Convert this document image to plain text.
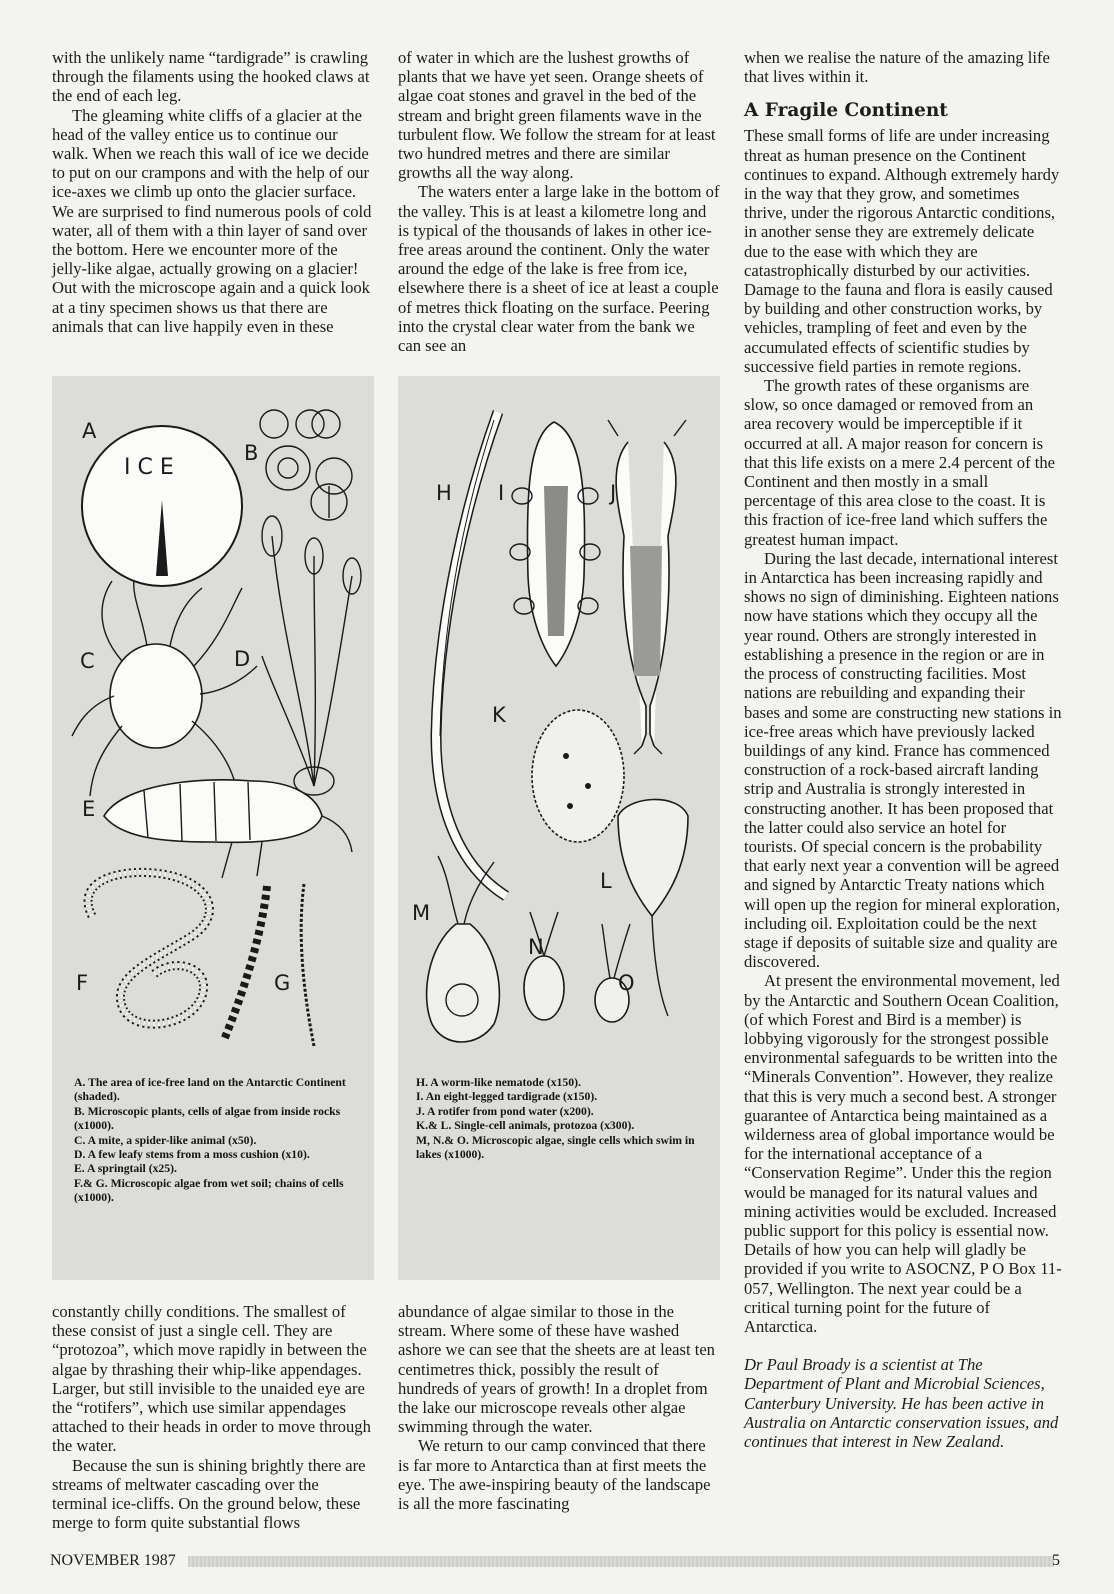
with the unlikely name “tardigrade” is crawling through the filaments using the hooked claws at the end of each leg.

The gleaming white cliffs of a glacier at the head of the valley entice us to continue our walk. When we reach this wall of ice we decide to put on our crampons and with the help of our ice-axes we climb up onto the glacier surface. We are surprised to find numerous pools of cold water, all of them with a thin layer of sand over the bottom. Here we encounter more of the jelly-like algae, actually growing on a glacier! Out with the microscope again and a quick look at a tiny specimen shows us that there are animals that can live happily even in these

of water in which are the lushest growths of plants that we have yet seen. Orange sheets of algae coat stones and gravel in the bed of the stream and bright green filaments wave in the turbulent flow. We follow the stream for at least two hundred metres and there are similar growths all the way along.

The waters enter a large lake in the bottom of the valley. This is at least a kilometre long and is typical of the thousands of lakes in other ice-free areas around the continent. Only the water around the edge of the lake is free from ice, elsewhere there is a sheet of ice at least a couple of metres thick floating on the surface. Peering into the crystal clear water from the bank we can see an

when we realise the nature of the amazing life that lives within it.

A Fragile Continent

These small forms of life are under increasing threat as human presence on the Continent continues to expand. Although extremely hardy in the way that they grow, and sometimes thrive, under the rigorous Antarctic conditions, in another sense they are extremely delicate due to the ease with which they are catastrophically disturbed by our activities. Damage to the fauna and flora is easily caused by building and other construction works, by vehicles, trampling of feet and even by the accumulated effects of scientific studies by successive field parties in remote regions.

The growth rates of these organisms are slow, so once damaged or removed from an area recovery would be imperceptible if it occurred at all. A major reason for concern is that this life exists on a mere 2.4 percent of the Continent and then mostly in a small percentage of this area close to the coast. It is this fraction of ice-free land which suffers the greatest human impact.

During the last decade, international interest in Antarctica has been increasing rapidly and shows no sign of diminishing. Eighteen nations now have stations which they occupy all the year round. Others are strongly interested in establishing a presence in the region or are in the process of constructing facilities. Most nations are rebuilding and expanding their bases and some are constructing new stations in ice-free areas which have previously lacked buildings of any kind. France has commenced construction of a rock-based aircraft landing strip and Australia is strongly interested in constructing another. It has been proposed that the latter could also service an hotel for tourists. Of special concern is the probability that early next year a convention will be agreed and signed by Antarctic Treaty nations which will open up the region for mineral exploration, including oil. Exploitation could be the next stage if deposits of suitable size and quality are discovered.

At present the environmental movement, led by the Antarctic and Southern Ocean Coalition, (of which Forest and Bird is a member) is lobbying vigorously for the strongest possible environmental safeguards to be written into the “Minerals Convention”. However, they realize that this is very much a second best. A stronger guarantee of Antarctica being maintained as a wilderness area of global importance would be for the international acceptance of a “Conservation Regime”. Under this the region would be managed for its natural values and mining activities would be excluded. Increased public support for this policy is essential now. Details of how you can help will gladly be provided if you write to ASOCNZ, P O Box 11-057, Wellington. The next year could be a critical turning point for the future of Antarctica.

Dr Paul Broady is a scientist at The Department of Plant and Microbial Sciences, Canterbury University. He has been active in Australia on Antarctic conservation issues, and continues that interest in New Zealand.

A
I C E
B
C	D
E
F	G
A. The area of ice-free land on the Antarctic Continent (shaded).
B. Microscopic plants, cells of algae from inside rocks (x1000).
C. A mite, a spider-like animal (x50).
D. A few leafy stems from a moss cushion (x10).
E. A springtail (x25).
F.& G. Microscopic algae from wet soil; chains of cells (x1000).
H I	J
K
L
M
N
O
H. A worm-like nematode (x150).
I. An eight-legged tardigrade (x150).
J. A rotifer from pond water (x200).
K.& L. Single-cell animals, protozoa (x300).
M, N.& O. Microscopic algae, single cells which swim in lakes (x1000).

constantly chilly conditions. The smallest of these consist of just a single cell. They are “protozoa”, which move rapidly in between the algae by thrashing their whip-like appendages. Larger, but still invisible to the unaided eye are the “rotifers”, which use similar appendages attached to their heads in order to move through the water.

Because the sun is shining brightly there are streams of meltwater cascading over the terminal ice-cliffs. On the ground below, these merge to form quite substantial flows

abundance of algae similar to those in the stream. Where some of these have washed ashore we can see that the sheets are at least ten centimetres thick, possibly the result of hundreds of years of growth! In a droplet from the lake our microscope reveals other algae swimming through the water.

We return to our camp convinced that there is far more to Antarctica than at first meets the eye. The awe-inspiring beauty of the landscape is all the more fascinating

NOVEMBER 1987	5
